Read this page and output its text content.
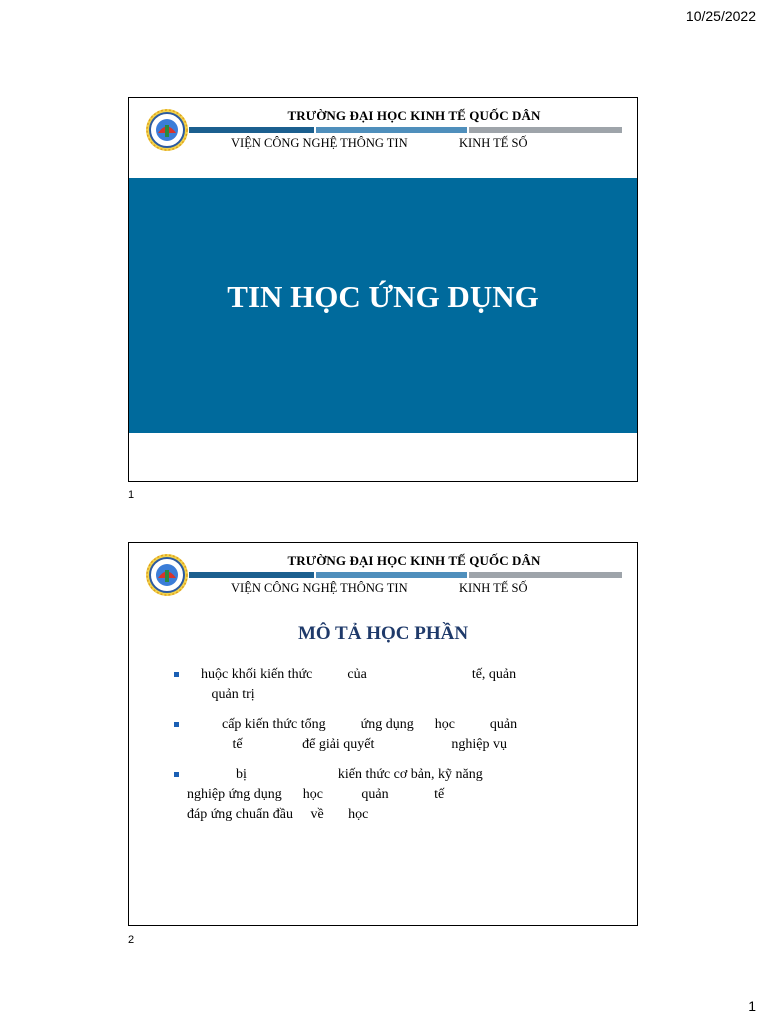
10/25/2022
TRƯỜNG ĐẠI HỌC KINH TẾ QUỐC DÂN
VIỆN CÔNG NGHỆ THÔNG TIN	KINH TẾ SỐ
TIN HỌC ỨNG DỤNG
1
TRƯỜNG ĐẠI HỌC KINH TẾ QUỐC DÂN
VIỆN CÔNG NGHỆ THÔNG TIN	KINH TẾ SỐ
MÔ TẢ HỌC PHẦN
huộc khối kiến thức          của                              tế, quản
quản trị
cấp kiến thức tổng          ứng dụng      học          quản
tế                 để giải quyết                      nghiệp vụ
bị                          kiến thức cơ bản, kỹ năng
nghiệp ứng dụng      học           quản             tế
đáp ứng chuẩn đầu     về       học
2
1
